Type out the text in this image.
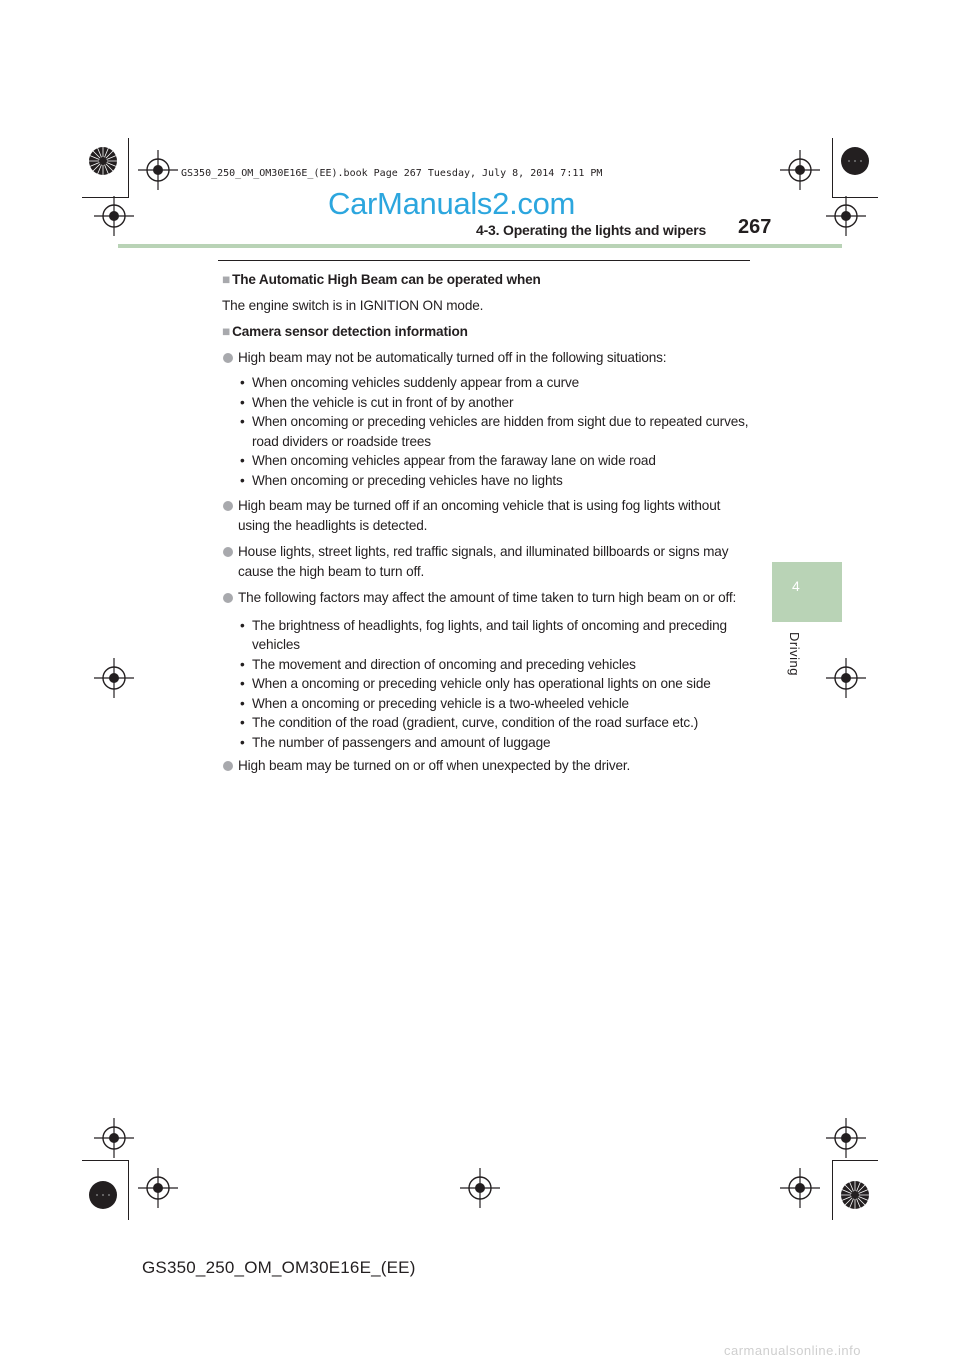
GS350_250_OM_OM30E16E_(EE).book Page 267 Tuesday, July 8, 2014 7:11 PM
CarManuals2.com
4-3. Operating the lights and wipers 267
4
Driving

■ The Automatic High Beam can be operated when

The engine switch is in IGNITION ON mode.

■ Camera sensor detection information

High beam may not be automatically turned off in the following situations:
• When oncoming vehicles suddenly appear from a curve
• When the vehicle is cut in front of by another
• When oncoming or preceding vehicles are hidden from sight due to repeated curves, road dividers or roadside trees
• When oncoming vehicles appear from the faraway lane on wide road
• When oncoming or preceding vehicles have no lights
High beam may be turned off if an oncoming vehicle that is using fog lights without using the headlights is detected.
House lights, street lights, red traffic signals, and illuminated billboards or signs may cause the high beam to turn off.
The following factors may affect the amount of time taken to turn high beam on or off:
• The brightness of headlights, fog lights, and tail lights of oncoming and preceding vehicles
• The movement and direction of oncoming and preceding vehicles
• When a oncoming or preceding vehicle only has operational lights on one side
• When a oncoming or preceding vehicle is a two-wheeled vehicle
• The condition of the road (gradient, curve, condition of the road surface etc.)
• The number of passengers and amount of luggage
High beam may be turned on or off when unexpected by the driver.
GS350_250_OM_OM30E16E_(EE)
carmanualsonline.info
